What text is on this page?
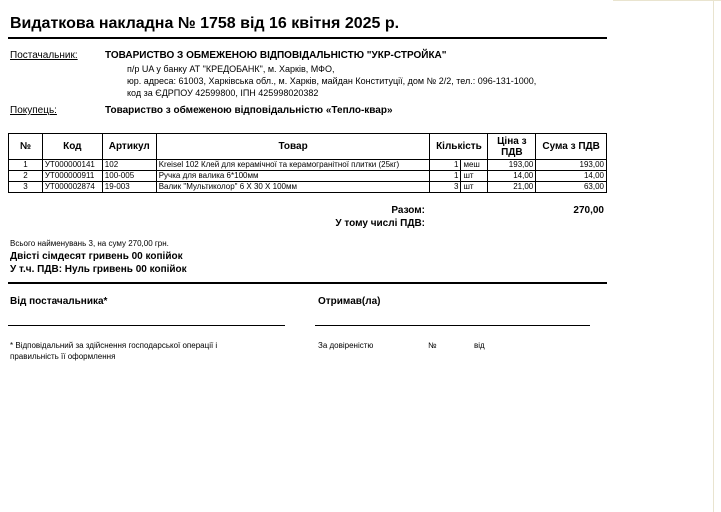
Видаткова накладна № 1758 від 16 квітня 2025 р.
Постачальник:	ТОВАРИСТВО З ОБМЕЖЕНОЮ ВІДПОВІДАЛЬНІСТЮ "УКР-СТРОЙКА"
п/р UA у банку АТ "КРЕДОБАНК", м. Харків, МФО,
юр. адреса: 61003, Харківська обл., м. Харків, майдан Конституції, дом № 2/2, тел.: 096-131-1000,
код за ЄДРПОУ 42599800, ІПН 425998020382
Покупець:	Товариство з обмеженою відповідальністю «Тепло-квар»
№	Код	Артикул	Товар	Кількість	Ціна з ПДВ	Сума з ПДВ
1	УТ000000141	102	Kreisel 102 Клей для керамічної та керамогранітної плитки (25кг)	1 меш	193,00	193,00
2	УТ000000911	100-005	Ручка для валика 6*100мм	1 шт	14,00	14,00
3	УТ000002874	19-003	Валик "Мультиколор" 6 Х 30 Х 100мм	3 шт	21,00	63,00
Разом:	270,00
У тому числі ПДВ:
Всього найменувань 3, на суму 270,00 грн.
Двісті сімдесят гривень 00 копійок
У т.ч. ПДВ: Нуль гривень 00 копійок
Від постачальника*	Отримав(ла)
* Відповідальний за здійснення господарської операції і
правильність її оформлення
За довіреністю	№	від
